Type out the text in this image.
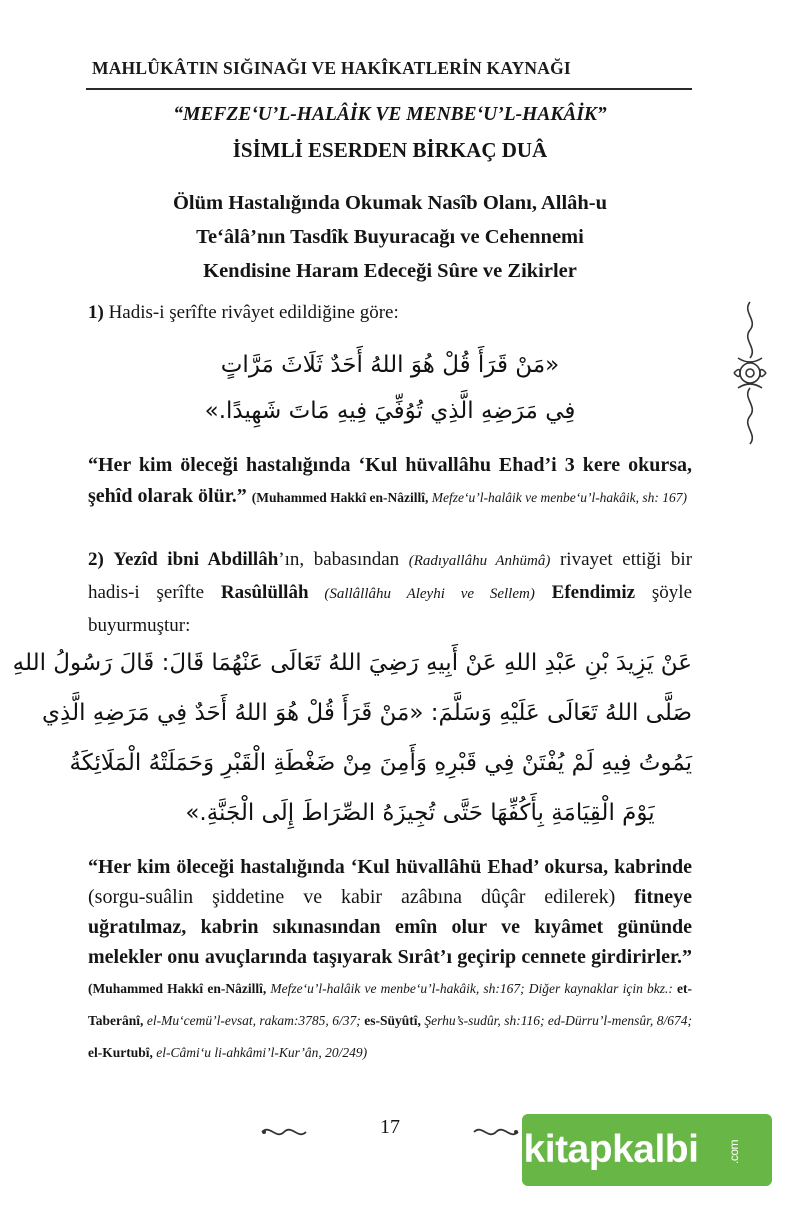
MAHLÛKÂTIN SIĞINAĞI VE HAKÎKATLERİN KAYNAĞI
“MEFZE‘U’L-HALÂİK VE MENBE‘U’L-HAKÂİK”
İSİMLİ ESERDEN BİRKAÇ DUÂ
Ölüm Hastalığında Okumak Nasîb Olanı, Allâh-u
Te‘âlâ’nın Tasdîk Buyuracağı ve Cehennemi
Kendisine Haram Edeceği Sûre ve Zikirler
1) Hadis-i şerîfte rivâyet edildiğine göre:
«مَنْ قَرَأَ قُلْ هُوَ اللهُ أَحَدٌ ثَلَاثَ مَرَّاتٍ
فِي مَرَضِهِ الَّذِي تُوُفِّيَ فِيهِ مَاتَ شَهِيدًا.»
“Her kim öleceği hastalığında ‘Kul hüvallâhu Ehad’i 3 kere okursa, şehîd olarak ölür.” (Muhammed Hakkî en-Nâzillî, Mefze‘u’l-halâik ve menbe‘u’l-hakâik, sh: 167)
2) Yezîd ibni Abdillâh’ın, babasından (Radıyallâhu Anhümâ) rivayet ettiği bir hadis-i şerîfte Rasûlüllâh (Sallâllâhu Aleyhi ve Sellem) Efendimiz şöyle buyurmuştur:
عَنْ يَزِيدَ بْنِ عَبْدِ اللهِ عَنْ أَبِيهِ رَضِيَ اللهُ تَعَالَى عَنْهُمَا قَالَ: قَالَ رَسُولُ اللهِ
صَلَّى اللهُ تَعَالَى عَلَيْهِ وَسَلَّمَ: «مَنْ قَرَأَ قُلْ هُوَ اللهُ أَحَدٌ فِي مَرَضِهِ الَّذِي
يَمُوتُ فِيهِ لَمْ يُفْتَنْ فِي قَبْرِهِ وَأَمِنَ مِنْ ضَغْطَةِ الْقَبْرِ وَحَمَلَتْهُ الْمَلَائِكَةُ
يَوْمَ الْقِيَامَةِ بِأَكُفِّهَا حَتَّى تُجِيزَهُ الصِّرَاطَ إِلَى الْجَنَّةِ.»
“Her kim öleceği hastalığında ‘Kul hüvallâhü Ehad’ okursa, kabrinde (sorgu-suâlin şiddetine ve kabir azâbına dûçâr edilerek) fitneye uğratılmaz, kabrin sıkınasından emîn olur ve kıyâmet gününde melekler onu avuçlarında taşıyarak Sırât’ı geçirip cennete girdirirler.” (Muhammed Hakkî en-Nâzillî, Mefze‘u’l-halâik ve menbe‘u’l-hakâik, sh:167; Diğer kaynaklar için bkz.: et-Taberânî, el-Mu‘cemü’l-evsat, rakam:3785, 6/37; es-Süyûtî, Şerhu’s-sudûr, sh:116; ed-Dürru’l-mensûr, 8/674; el-Kurtubî, el-Câmi‘u li-ahkâmi’l-Kur’ân, 20/249)
17
kitapkalbi .com
